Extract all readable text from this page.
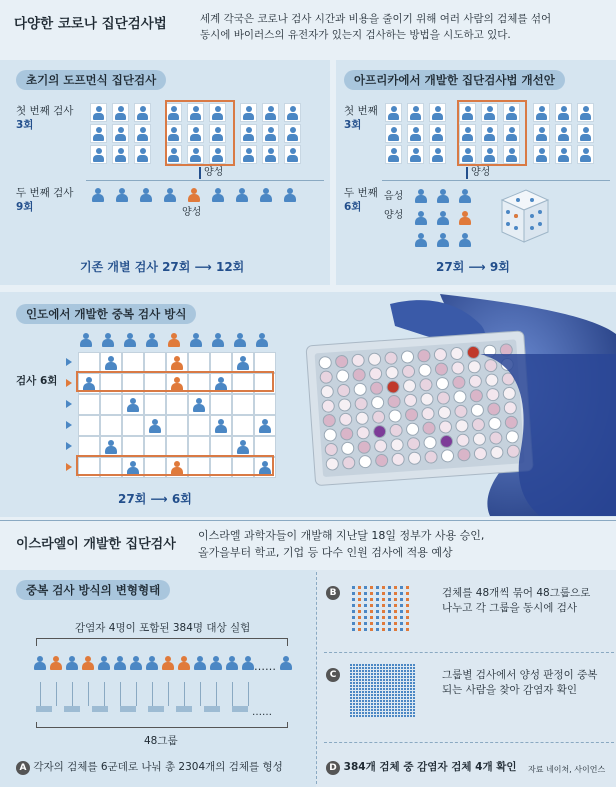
다양한 코로나 집단검사법	세계 각국은 코로나 검사 시간과 비용을 줄이기 위해 여러 사람의 검체를 섞어
동시에 바이러스의 유전자가 있는지 검사하는 방법을 시도하고 있다.
초기의 도프먼식 집단검사
첫 번째 검사
3회
양성
두 번째 검사
9회	양성
기존 개별 검사 27회 ⟶ 12회
아프리카에서 개발한 집단검사법 개선안
첫 번째
3회
양성
두 번째
6회
음성
양성
27회 ⟶ 9회
인도에서 개발한 중복 검사 방식
검사 6회
27회 ⟶ 6회
이스라엘이 개발한 집단검사
이스라엘 과학자들이 개발해 지난달 18일 정부가 사용 승인,
올가을부터 학교, 기업 등 다수 인원 검사에 적용 예상
중복 검사 방식의 변형형태
감염자 4명이 포함된 384명 대상 실험
……
……
48그룹
A 각자의 검체를 6군데로 나눠 총 2304개의 검체를 형성
B	검체를 48개씩 묶어 48그룹으로
나누고 각 그룹을 동시에 검사
C	그룹별 검사에서 양성 판정이 중복
되는 사람을 찾아 감염자 확인
D 384개 검체 중 감염자 검체 4개 확인 자료 네이처, 사이언스
